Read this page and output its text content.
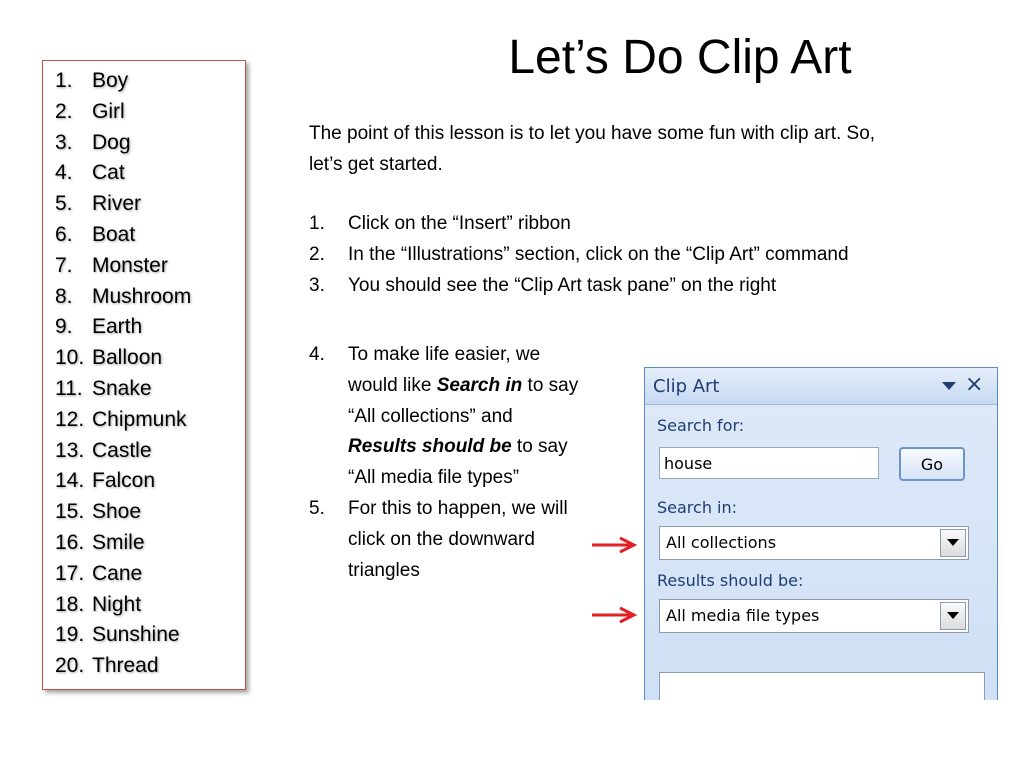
Let’s Do Clip Art
1. Boy
2. Girl
3. Dog
4. Cat
5. River
6. Boat
7. Monster
8. Mushroom
9. Earth
10. Balloon
11. Snake
12. Chipmunk
13. Castle
14. Falcon
15. Shoe
16. Smile
17. Cane
18. Night
19. Sunshine
20. Thread
The point of this lesson is to let you have some fun with clip art. So, let’s get started.
1. Click on the “Insert” ribbon
2. In the “Illustrations” section, click on the “Clip Art” command
3. You should see the “Clip Art task pane” on the right
4. To make life easier, we would like Search in to say “All collections” and Results should be to say “All media file types”
5. For this to happen, we will click on the downward triangles
Clip Art	×
Search for:
house
Go
Search in:
All collections
Results should be:
All media file types
